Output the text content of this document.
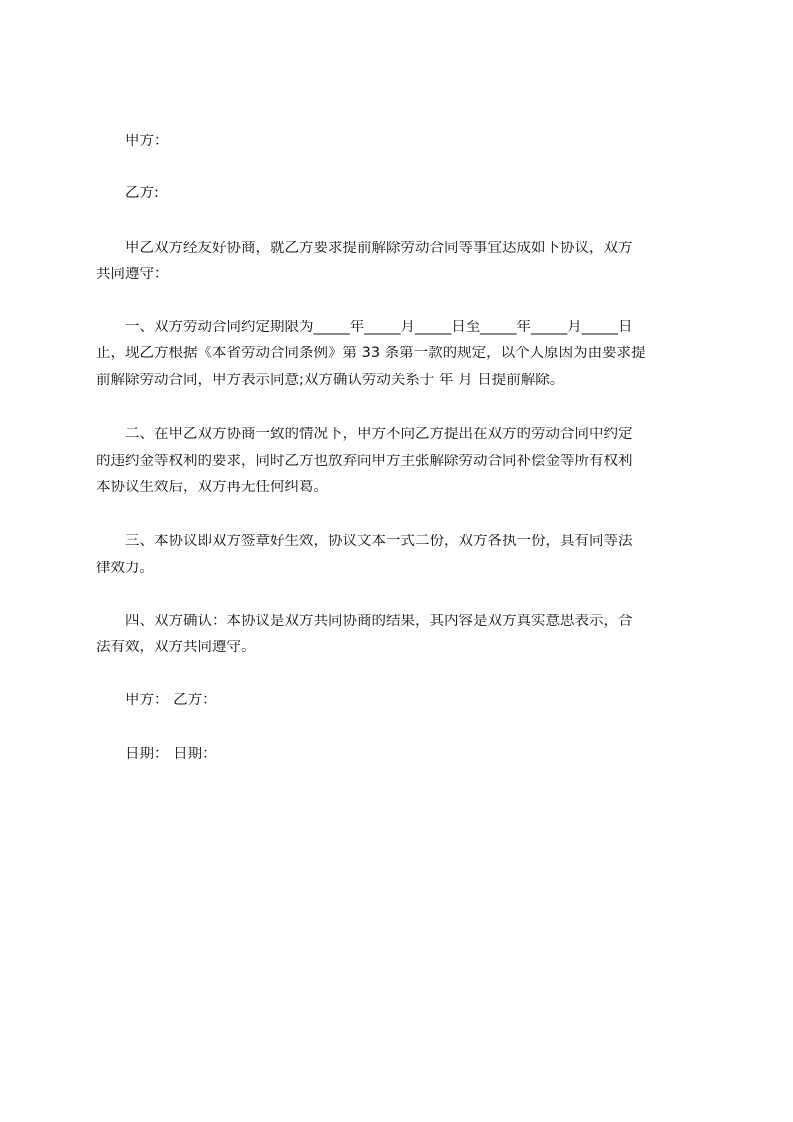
　　甲方：
　　乙方:
　　甲乙双方经友好协商，就乙方要求提前解除劳动合同等事宜达成如下协议，双方
共同遵守：
　　一、双方劳动合同约定期限为_____年_____月_____日至_____年_____月_____日
止，现乙方根据《本省劳动合同条例》第 33 条第一款的规定，以个人原因为由要求提
前解除劳动合同，甲方表示同意;双方确认劳动关系于 年 月 日提前解除。
　　二、在甲乙双方协商一致的情况下，甲方不向乙方提出在双方的劳动合同中约定
的违约金等权利的要求，同时乙方也放弃向甲方主张解除劳动合同补偿金等所有权利
本协议生效后，双方再无任何纠葛。
　　三、本协议即双方签章好生效，协议文本一式二份，双方各执一份，具有同等法
律效力。
　　四、双方确认：本协议是双方共同协商的结果，其内容是双方真实意思表示，合
法有效，双方共同遵守。
　　甲方： 乙方：
　　日期： 日期：
